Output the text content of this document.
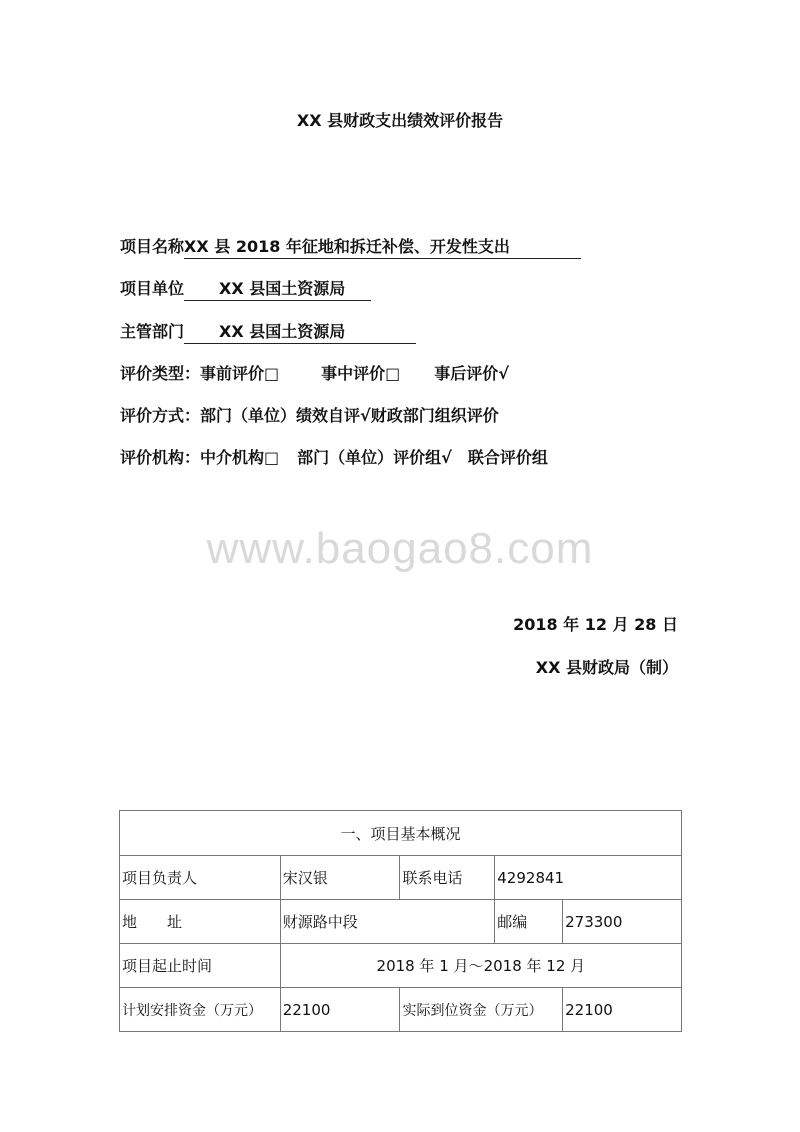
XX 县财政支出绩效评价报告
项目名称XX 县 2018 年征地和拆迁补偿、开发性支出
项目单位 XX 县国土资源局
主管部门 XX 县国土资源局
评价类型：事前评价□	事中评价□ 事后评价√
评价方式：部门（单位）绩效自评√财政部门组织评价
评价机构：中介机构□ 部门（单位）评价组√ 联合评价组
www.baogao8.com
2018 年 12 月 28 日
XX 县财政局（制）
一、项目基本概况				
项目负责人	宋汉银	联系电话	4292841	
地　　址	财源路中段		邮编	273300
项目起止时间	2018 年 1 月～2018 年 12 月			
计划安排资金（万元）	22100	实际到位资金（万元）		22100
